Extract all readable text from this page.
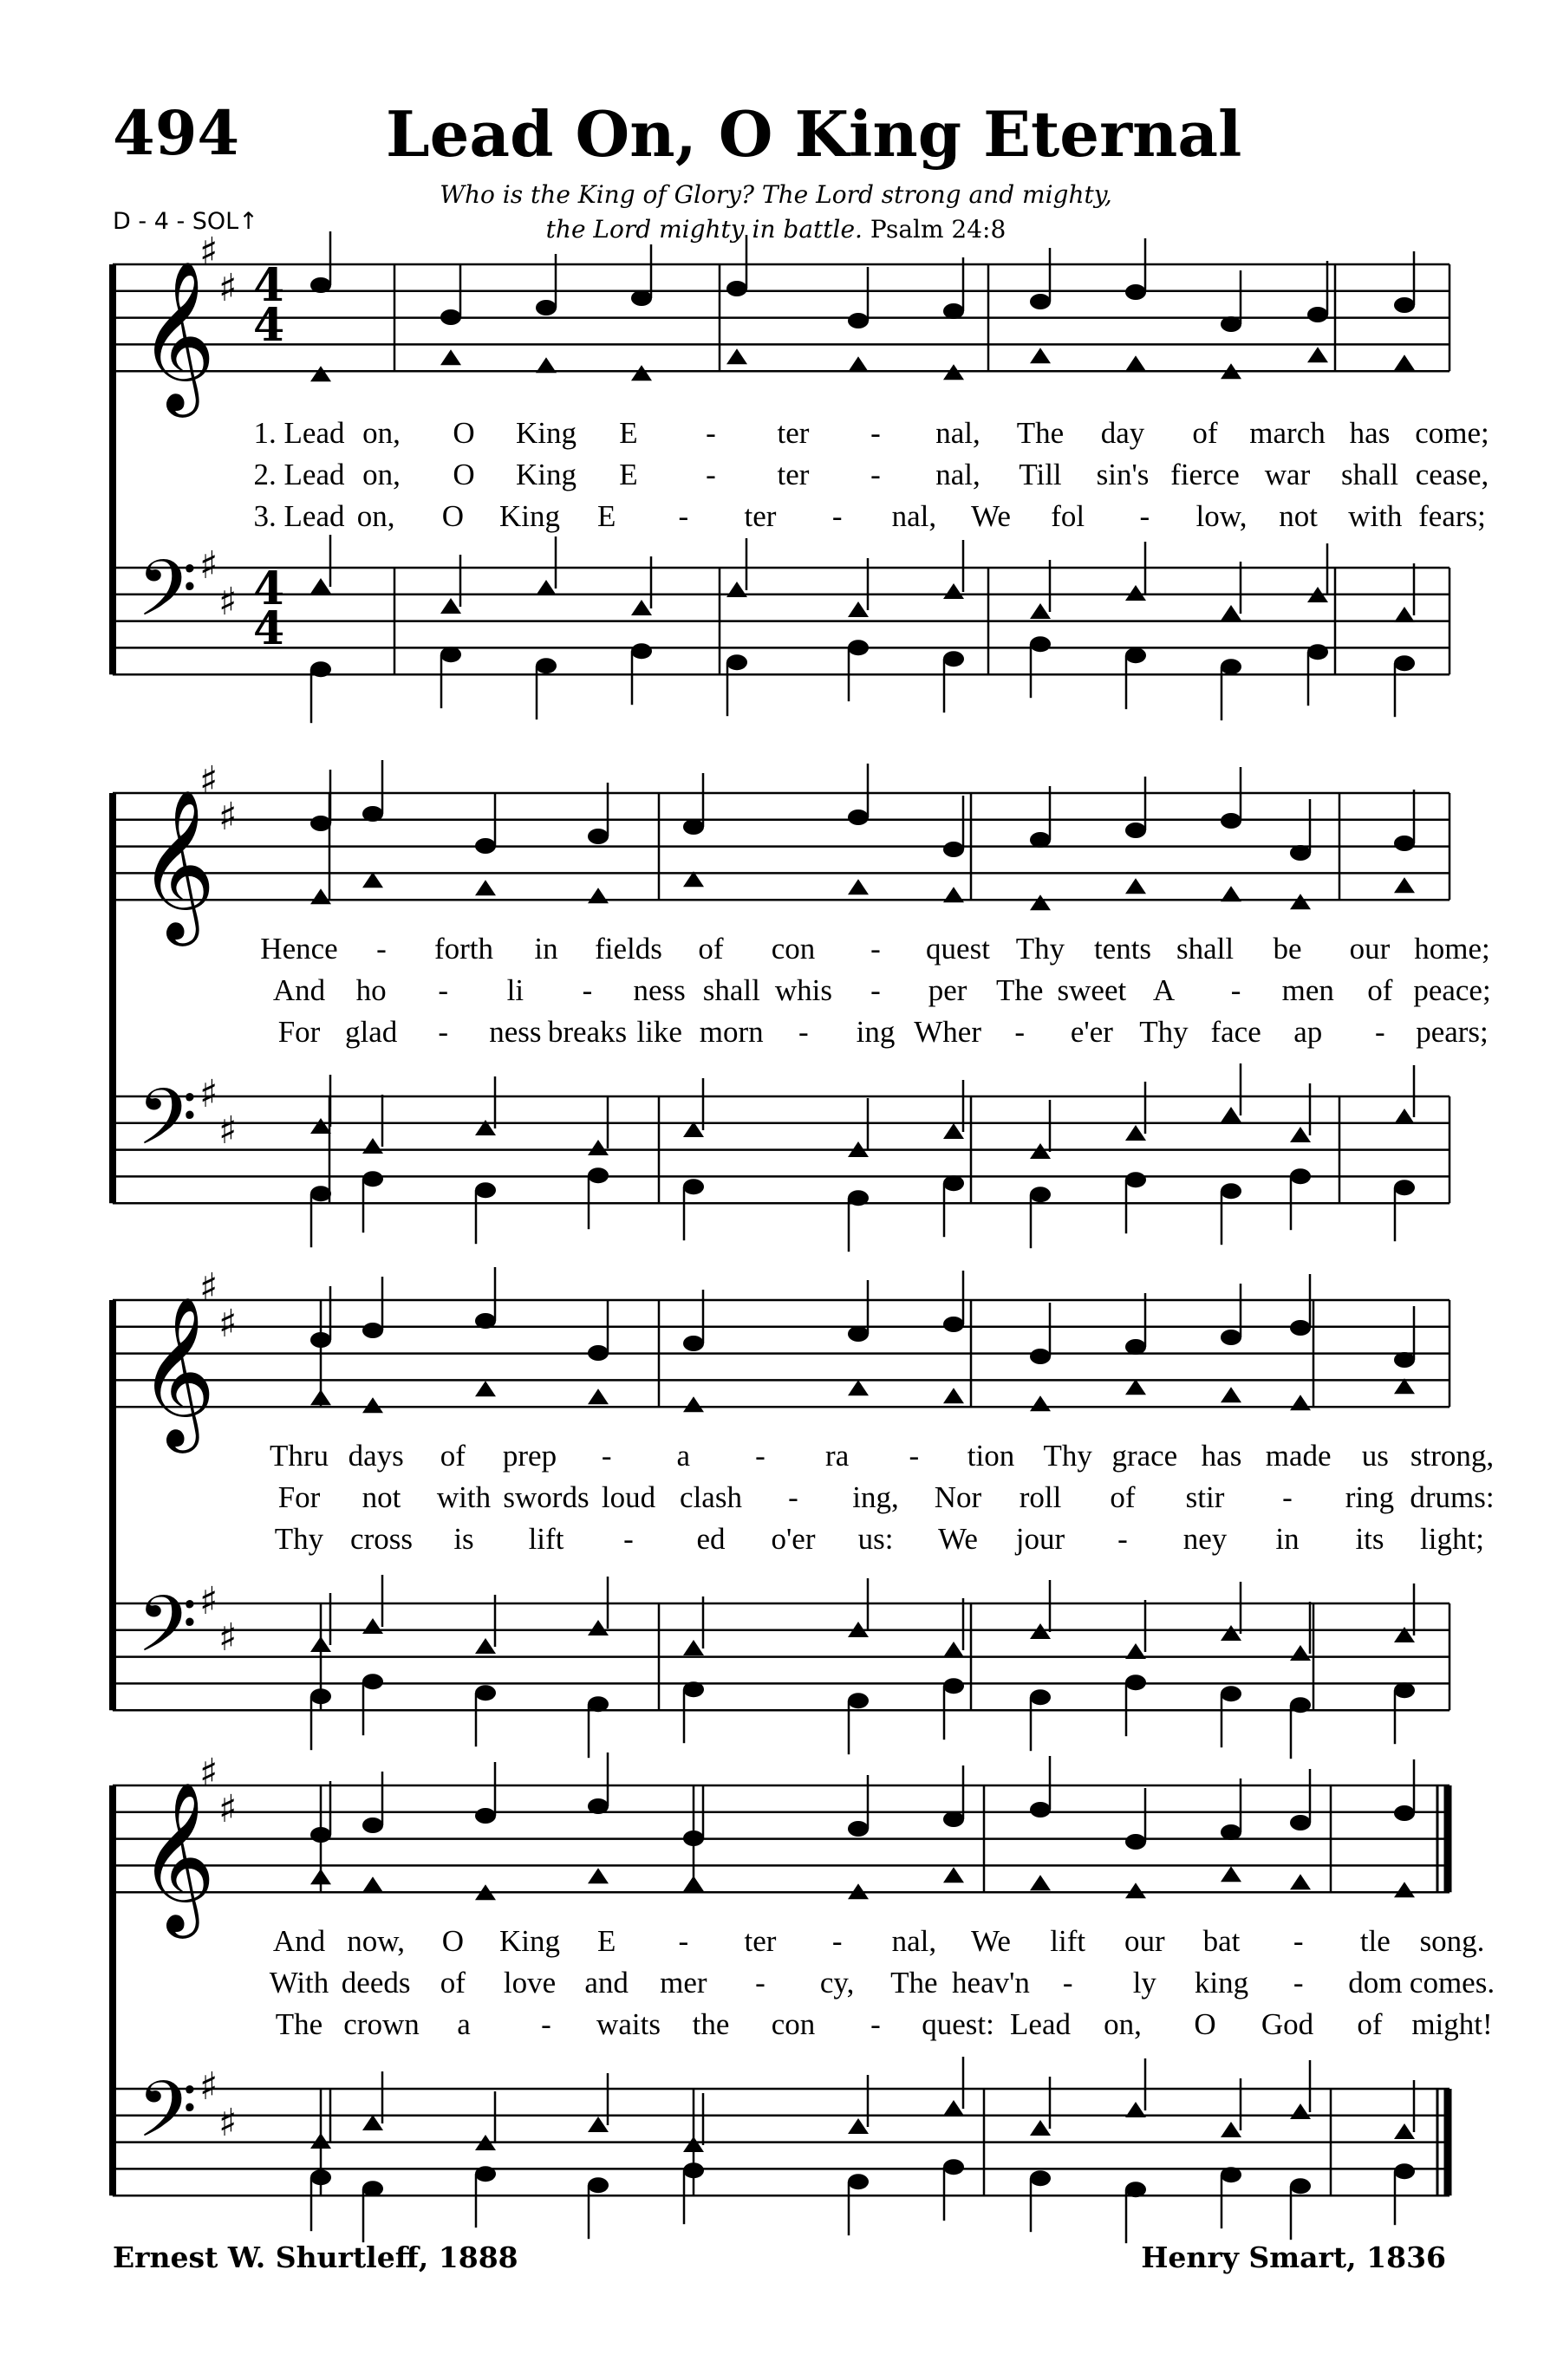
494 Lead On, O King Eternal
D - 4 - SOL↑
Who is the King of Glory? The Lord strong and mighty,
the Lord mighty in battle. Psalm 24:8
𝄞
𝄢
♯
♯
♯
♯
4
4
4
4
𝄞
𝄢
♯
♯
♯
♯
𝄞
𝄢
♯
♯
♯
♯
𝄞
𝄢
♯
♯
♯
♯
1. Lead on, O King E - ter - nal, The day of march has come;
2. Lead on, O King E - ter - nal, Till sin's fierce war shall cease,
3. Lead on, O King E - ter - nal, We fol - low, not with fears;
Hence - forth in fields of con - quest Thy tents shall be our home;
And ho - li - ness shall whis - per The sweet A - men of peace;
For glad - ness breaks like morn - ing Wher - e'er Thy face ap - pears;
Thru days of prep - a - ra - tion Thy grace has made us strong,
For not with swords loud clash - ing, Nor roll of stir - ring drums:
Thy cross is lift - ed o'er us: We jour - ney in its light;
And now, O King E - ter - nal, We lift our bat - tle song.
With deeds of love and mer - cy, The heav'n - ly king - dom comes.
The crown a - waits the con - quest: Lead on, O God of might!
Ernest W. Shurtleff, 1888	Henry Smart, 1836
